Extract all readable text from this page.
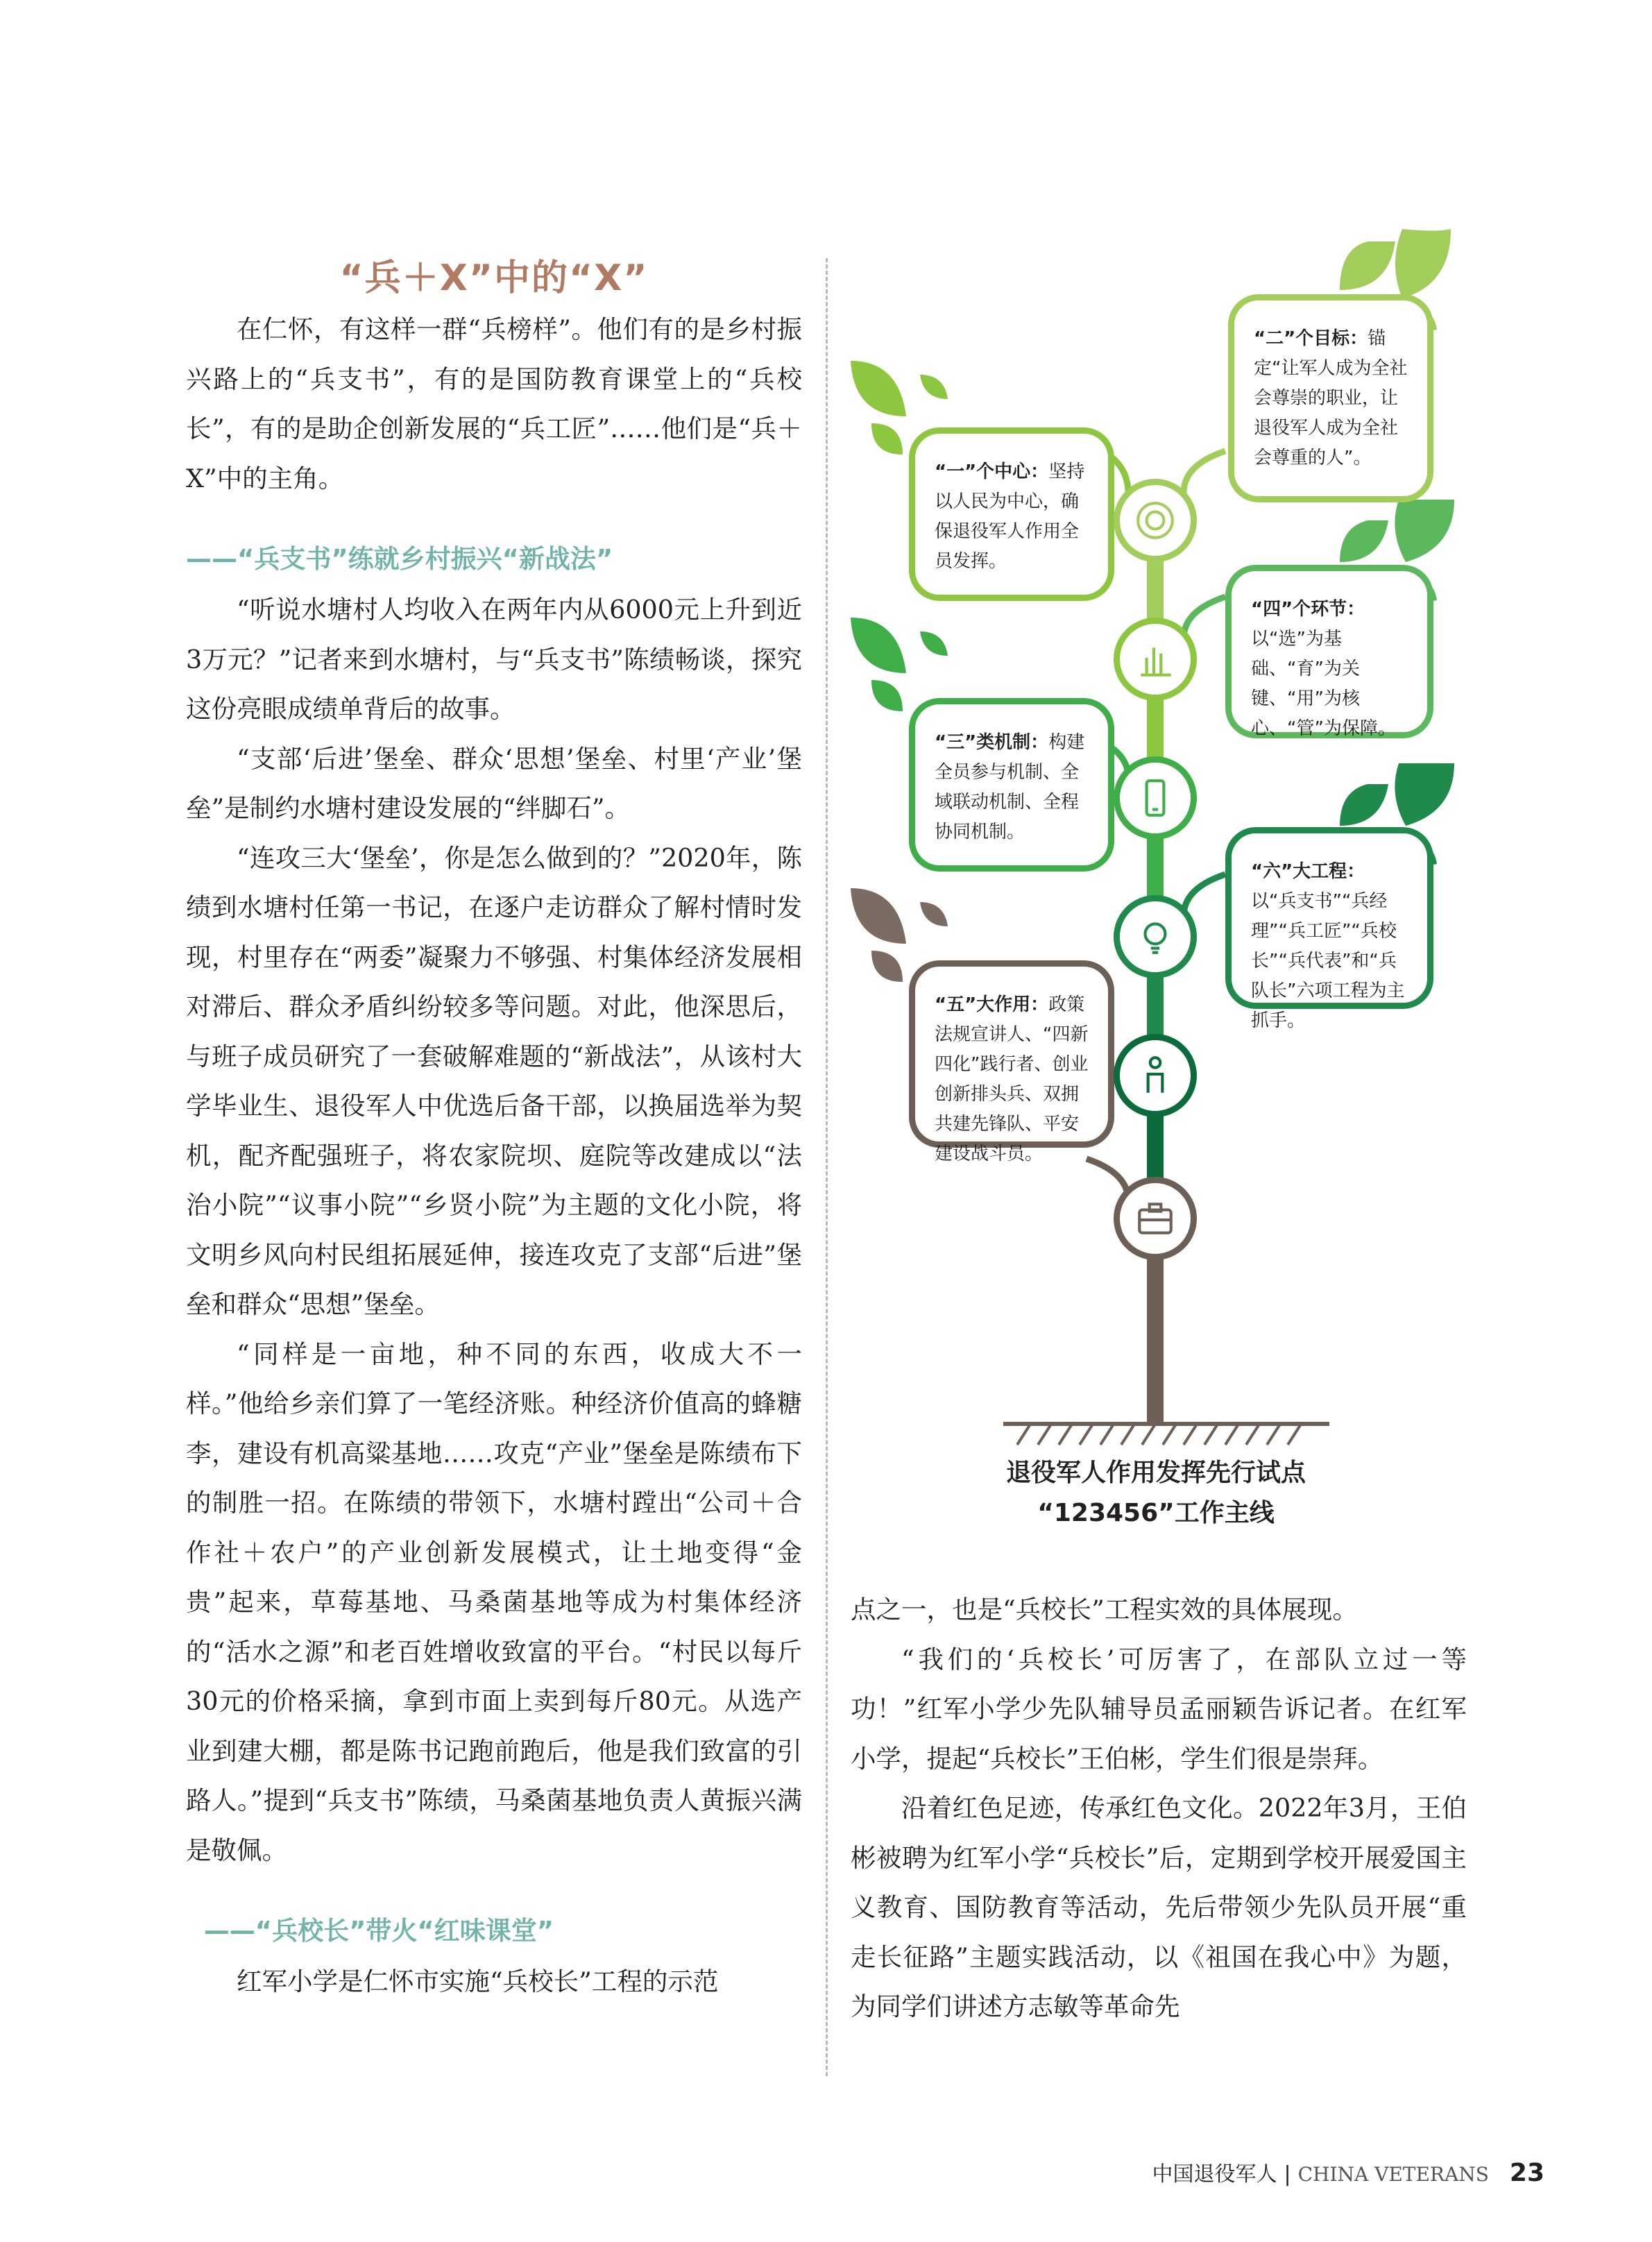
“兵＋X”中的“X”

在仁怀，有这样一群“兵榜样”。他们有的是乡村振兴路上的“兵支书”，有的是国防教育课堂上的“兵校长”，有的是助企创新发展的“兵工匠”……他们是“兵＋X”中的主角。

——“兵支书”练就乡村振兴“新战法”

“听说水塘村人均收入在两年内从6000元上升到近3万元？”记者来到水塘村，与“兵支书”陈绩畅谈，探究这份亮眼成绩单背后的故事。

“支部‘后进’堡垒、群众‘思想’堡垒、村里‘产业’堡垒”是制约水塘村建设发展的“绊脚石”。

“连攻三大‘堡垒’，你是怎么做到的？”2020年，陈绩到水塘村任第一书记，在逐户走访群众了解村情时发现，村里存在“两委”凝聚力不够强、村集体经济发展相对滞后、群众矛盾纠纷较多等问题。对此，他深思后，与班子成员研究了一套破解难题的“新战法”，从该村大学毕业生、退役军人中优选后备干部，以换届选举为契机，配齐配强班子，将农家院坝、庭院等改建成以“法治小院”“议事小院”“乡贤小院”为主题的文化小院，将文明乡风向村民组拓展延伸，接连攻克了支部“后进”堡垒和群众“思想”堡垒。

“同样是一亩地，种不同的东西，收成大不一样。”他给乡亲们算了一笔经济账。种经济价值高的蜂糖李，建设有机高粱基地……攻克“产业”堡垒是陈绩布下的制胜一招。在陈绩的带领下，水塘村蹚出“公司＋合作社＋农户”的产业创新发展模式，让土地变得“金贵”起来，草莓基地、马桑菌基地等成为村集体经济的“活水之源”和老百姓增收致富的平台。“村民以每斤30元的价格采摘，拿到市面上卖到每斤80元。从选产业到建大棚，都是陈书记跑前跑后，他是我们致富的引路人。”提到“兵支书”陈绩，马桑菌基地负责人黄振兴满是敬佩。

——“兵校长”带火“红味课堂”

红军小学是仁怀市实施“兵校长”工程的示范

“二”个目标：锚定“让军人成为全社会尊崇的职业，让退役军人成为全社会尊重的人”。
“一”个中心：坚持以人民为中心，确保退役军人作用全员发挥。
“四”个环节：以“选”为基础、“育”为关键、“用”为核心、“管”为保障。
“三”类机制：构建全员参与机制、全域联动机制、全程协同机制。
“六”大工程：以“兵支书”“兵经理”“兵工匠”“兵校长”“兵代表”和“兵队长”六项工程为主抓手。
“五”大作用：政策法规宣讲人、“四新四化”践行者、创业创新排头兵、双拥共建先锋队、平安建设战斗员。
退役军人作用发挥先行试点
“123456”工作主线

点之一，也是“兵校长”工程实效的具体展现。

“我们的‘兵校长’可厉害了，在部队立过一等功！”红军小学少先队辅导员孟丽颖告诉记者。在红军小学，提起“兵校长”王伯彬，学生们很是崇拜。

沿着红色足迹，传承红色文化。2022年3月，王伯彬被聘为红军小学“兵校长”后，定期到学校开展爱国主义教育、国防教育等活动，先后带领少先队员开展“重走长征路”主题实践活动，以《祖国在我心中》为题，为同学们讲述方志敏等革命先

中国退役军人 | CHINA VETERANS 23
